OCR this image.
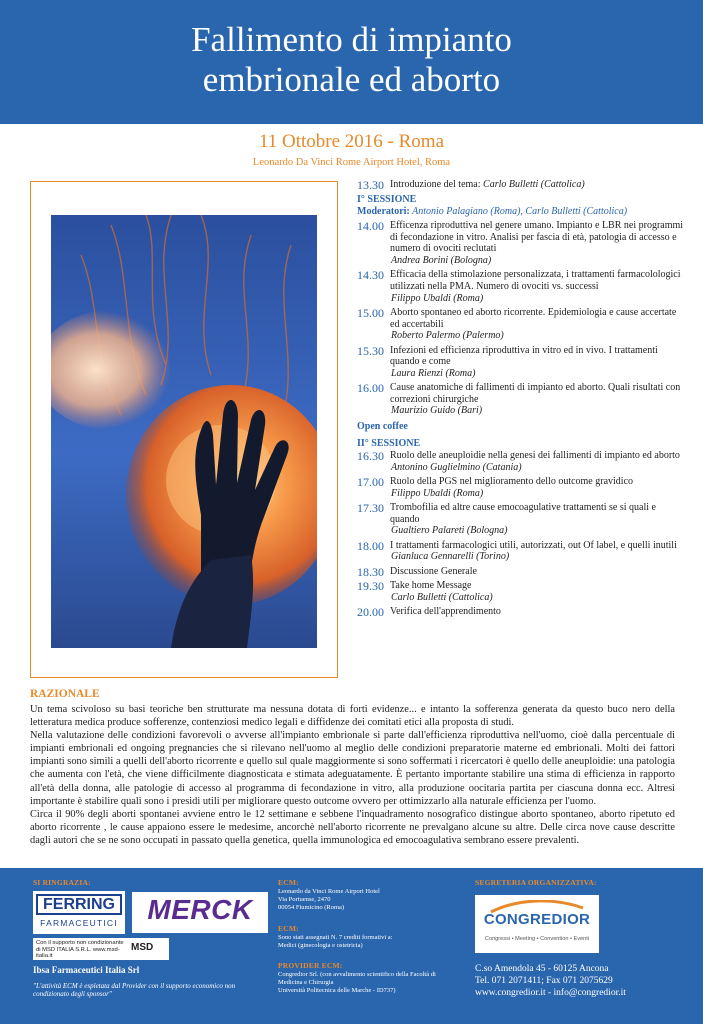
Fallimento di impianto
embrionale ed aborto
11 Ottobre 2016 - Roma
Leonardo Da Vinci Rome Airport Hotel, Roma
13.30 Introduzione del tema: Carlo Bulletti (Cattolica)
I° SESSIONE
Moderatori: Antonio Palagiano (Roma), Carlo Bulletti (Cattolica)
14.00 Efficenza riproduttiva nel genere umano. Impianto e LBR nei programmi di fecondazione in vitro. Analisi per fascia di età, patologia di accesso e numero di ovociti reclutati
Andrea Borini (Bologna)
14.30 Efficacia della stimolazione personalizzata, i trattamenti farmacolologici utilizzati nella PMA. Numero di ovociti vs. successi
Filippo Ubaldi (Roma)
15.00 Aborto spontaneo ed aborto ricorrente. Epidemiologia e cause accertate ed accertabili
Roberto Palermo (Palermo)
15.30 Infezioni ed efficienza riproduttiva in vitro ed in vivo. I trattamenti quando e come
Laura Rienzi (Roma)
16.00 Cause anatomiche di fallimenti di impianto ed aborto. Quali risultati con correzioni chirurgiche
Maurizio Guido (Bari)
Open coffee
II° SESSIONE
16.30 Ruolo delle aneuploidie nella genesi dei fallimenti di impianto ed aborto
Antonino Guglielmino (Catania)
17.00 Ruolo della PGS nel miglioramento dello outcome gravidico
Filippo Ubaldi (Roma)
17.30 Trombofilia ed altre cause emocoagulative trattamenti se si quali e quando
Gualtiero Palareti (Bologna)
18.00 I trattamenti farmacologici utili, autorizzati, out Of label, e quelli inutili
Gianluca Gennarelli (Torino)
18.30 Discussione Generale
19.30 Take home Message
Carlo Bulletti (Cattolica)
20.00 Verifica dell'apprendimento
RAZIONALE
Un tema scivoloso su basi teoriche ben strutturate ma nessuna dotata di forti evidenze... e intanto la sofferenza generata da questo buco nero della letteratura medica produce sofferenze, contenziosi medico legali e diffidenze dei comitati etici alla proposta di studi.
Nella valutazione delle condizioni favorevoli o avverse all'impianto embrionale si parte dall'efficienza riproduttiva nell'uomo, cioè dalla percentuale di impianti embrionali ed ongoing pregnancies che si rilevano nell'uomo al meglio delle condizioni preparatorie materne ed embrionali. Molti dei fattori impianti sono simili a quelli dell'aborto ricorrente e quello sul quale maggiormente si sono soffermati i ricercatori è quello delle aneuploidie: una patologia che aumenta con l'età, che viene difficilmente diagnosticata e stimata adeguatamente. È pertanto importante stabilire una stima di efficienza in rapporto all'età della donna, alle patologie di accesso al programma di fecondazione in vitro, alla produzione oocitaria partita per ciascuna donna ecc. Altresì importante è stabilire quali sono i presidi utili per migliorare questo outcome ovvero per ottimizzarlo alla naturale efficienza per l'uomo.
Circa il 90% degli aborti spontanei avviene entro le 12 settimane e sebbene l'inquadramento nosografico distingue aborto spontaneo, aborto ripetuto ed aborto ricorrente , le cause appaiono essere le medesime, ancorchè nell'aborto ricorrente ne prevalgano alcune su altre. Delle circa nove cause descritte dagli autori che se ne sono occupati in passato quella genetica, quella immunologica ed emocoagulativa sembrano essere prevalenti.
SI RINGRAZIA:
FERRING
FARMACEUTICI	MERCK
Con il supporto non condizionante di MSD ITALIA S.R.L. www.msd-italia.it
MSD
Ibsa Farmaceutici Italia Srl
"L'attività ECM è espletata dal Provider con il supporto economico non condizionato degli sponsor"
ECM:
Leonardo da Vinci Rome Airport Hotel
Via Portuense, 2470
00054 Fiumicino (Roma)
ECM:
Sono stati assegnati N. 7 crediti formativi a:
Medici (ginecologia e ostetricia)
PROVIDER ECM:
Congredior Srl. (con avvalimento scientifico della Facoltà di
Medicina e Chirurgia
Università Politecnica delle Marche - ID737)
SEGRETERIA ORGANIZZATIVA:
CONGREDIOR
Congressi • Meeting • Convention • Eventi
C.so Amendola 45 - 60125 Ancona
Tel. 071 2071411; Fax 071 2075629
www.congredior.it - info@congredior.it
